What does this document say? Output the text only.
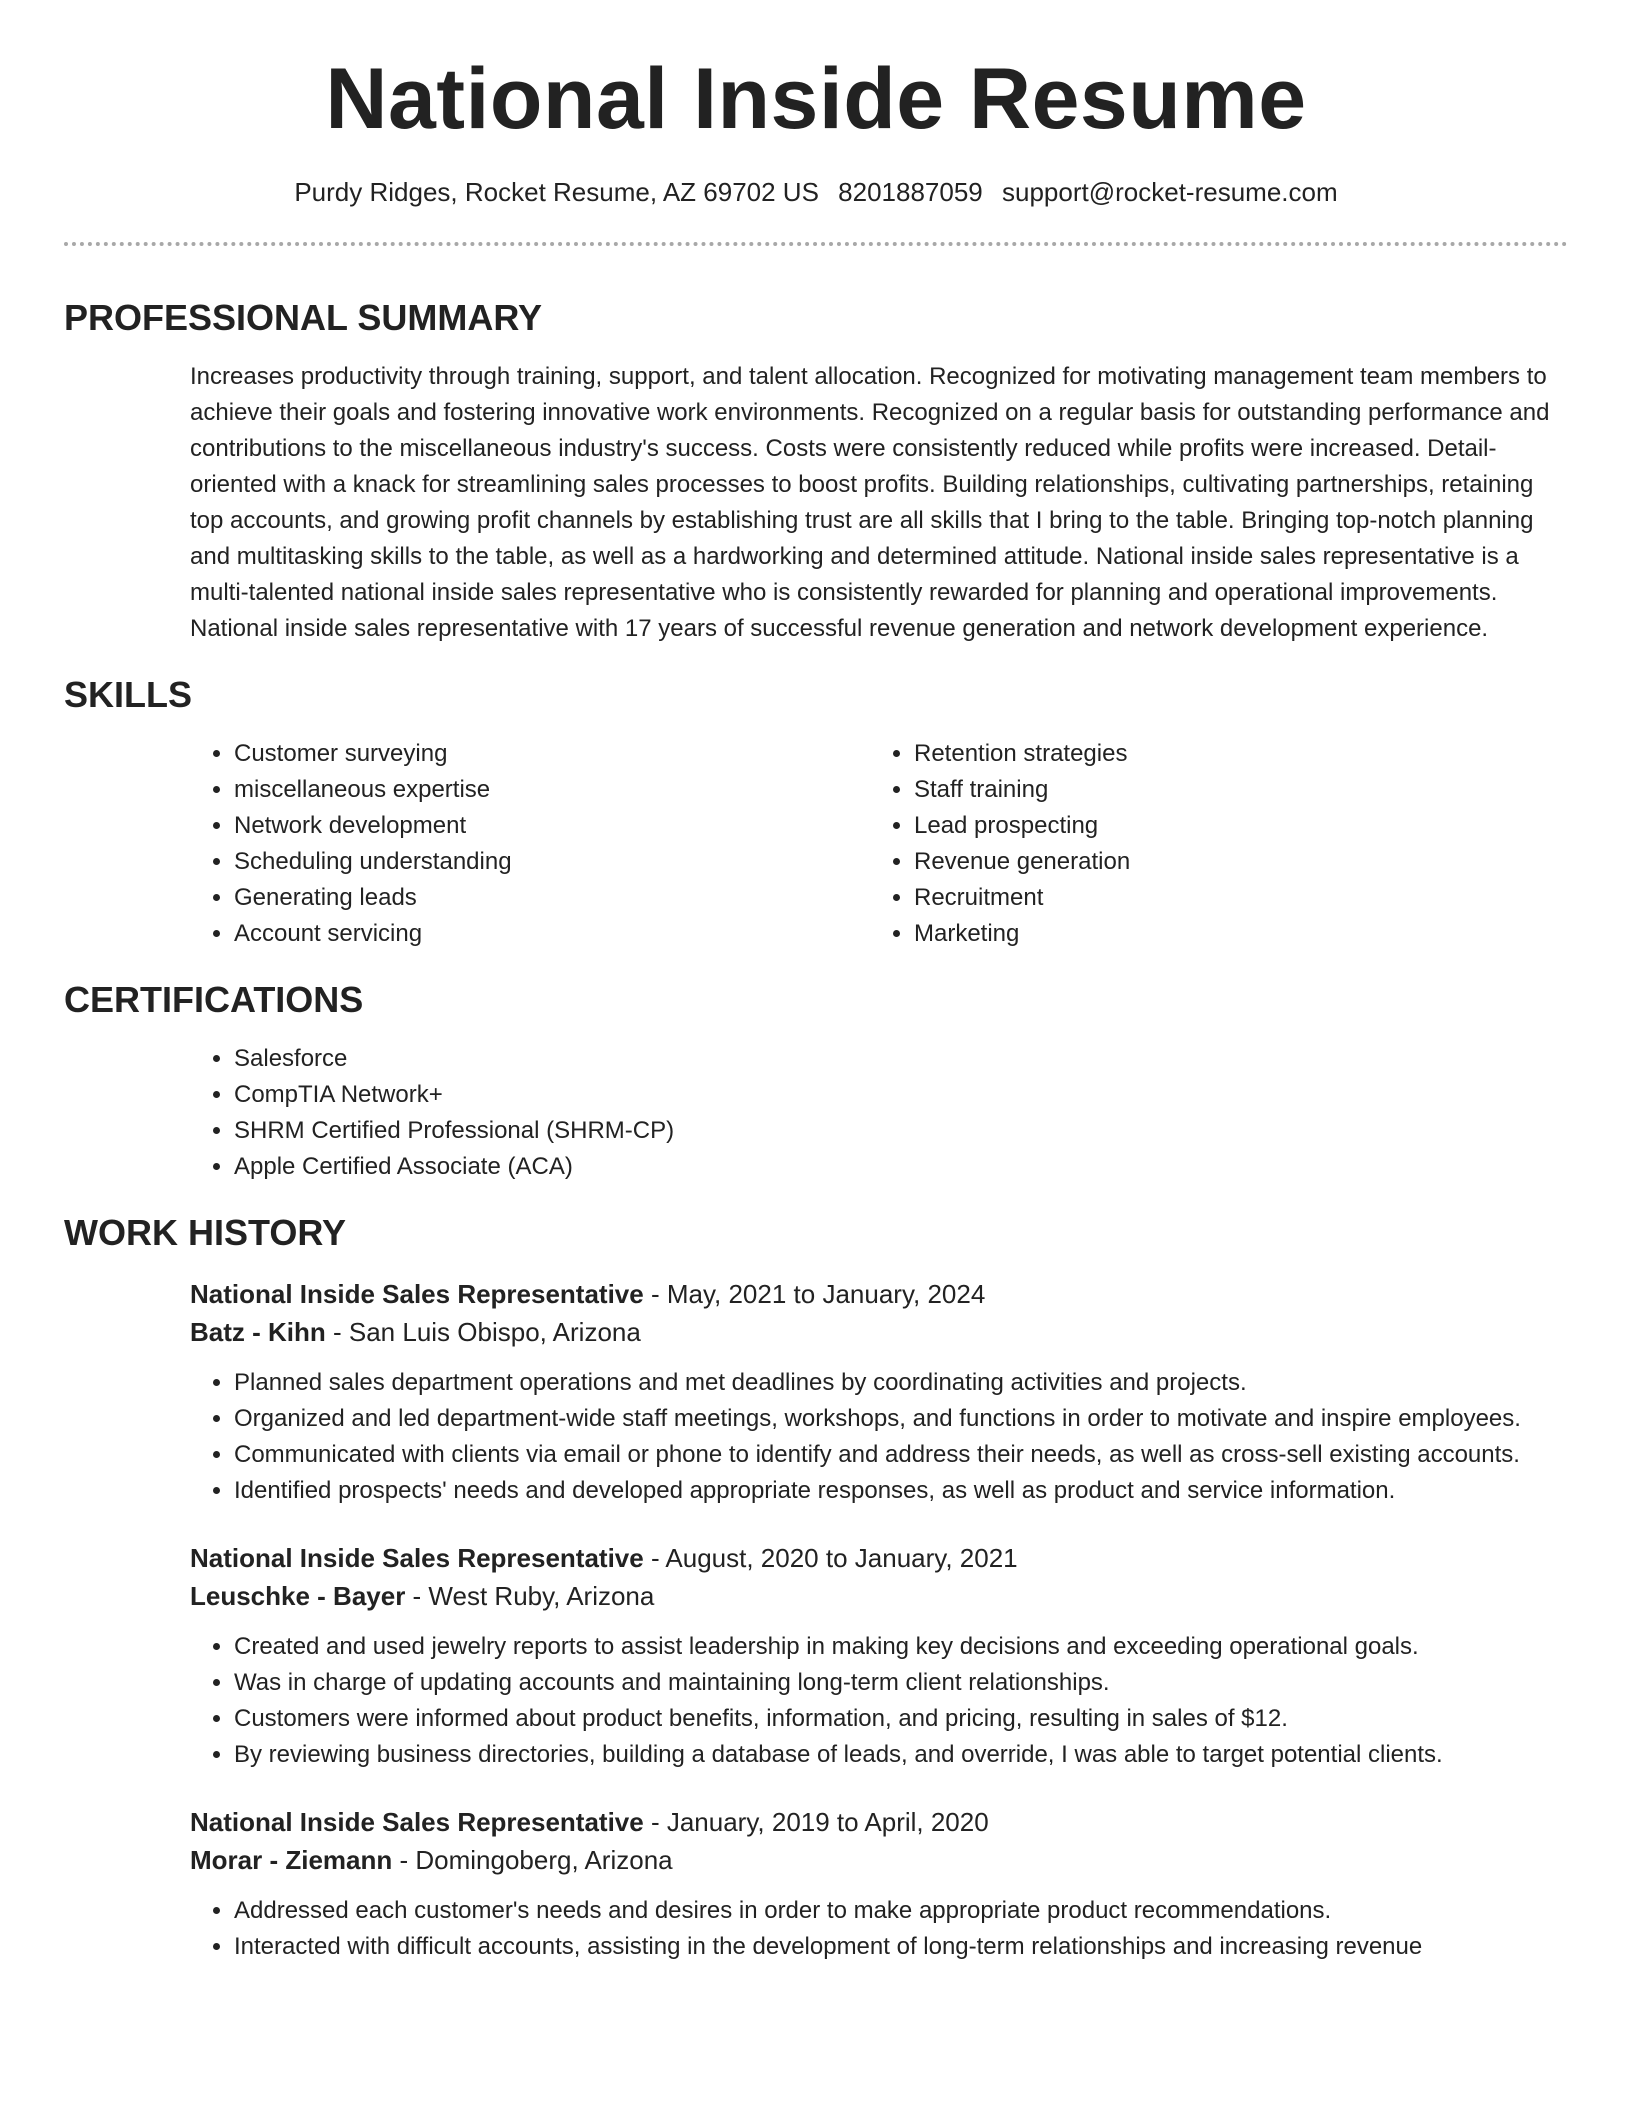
National Inside Resume
Purdy Ridges, Rocket Resume, AZ 69702 US 8201887059 support@rocket-resume.com
PROFESSIONAL SUMMARY

Increases productivity through training, support, and talent allocation. Recognized for motivating management team members to achieve their goals and fostering innovative work environments. Recognized on a regular basis for outstanding performance and contributions to the miscellaneous industry's success. Costs were consistently reduced while profits were increased. Detail-oriented with a knack for streamlining sales processes to boost profits. Building relationships, cultivating partnerships, retaining top accounts, and growing profit channels by establishing trust are all skills that I bring to the table. Bringing top-notch planning and multitasking skills to the table, as well as a hardworking and determined attitude. National inside sales representative is a multi-talented national inside sales representative who is consistently rewarded for planning and operational improvements. National inside sales representative with 17 years of successful revenue generation and network development experience.

SKILLS
• Customer surveying
• miscellaneous expertise
• Network development
• Scheduling understanding
• Generating leads
• Account servicing
• Retention strategies
• Staff training
• Lead prospecting
• Revenue generation
• Recruitment
• Marketing
CERTIFICATIONS
• Salesforce
• CompTIA Network+
• SHRM Certified Professional (SHRM-CP)
• Apple Certified Associate (ACA)
WORK HISTORY
National Inside Sales Representative - May, 2021 to January, 2024
Batz - Kihn - San Luis Obispo, Arizona
• Planned sales department operations and met deadlines by coordinating activities and projects.
• Organized and led department-wide staff meetings, workshops, and functions in order to motivate and inspire employees.
• Communicated with clients via email or phone to identify and address their needs, as well as cross-sell existing accounts.
• Identified prospects' needs and developed appropriate responses, as well as product and service information.
National Inside Sales Representative - August, 2020 to January, 2021
Leuschke - Bayer - West Ruby, Arizona
• Created and used jewelry reports to assist leadership in making key decisions and exceeding operational goals.
• Was in charge of updating accounts and maintaining long-term client relationships.
• Customers were informed about product benefits, information, and pricing, resulting in sales of $12.
• By reviewing business directories, building a database of leads, and override, I was able to target potential clients.
National Inside Sales Representative - January, 2019 to April, 2020
Morar - Ziemann - Domingoberg, Arizona
• Addressed each customer's needs and desires in order to make appropriate product recommendations.
• Interacted with difficult accounts, assisting in the development of long-term relationships and increasing revenue
